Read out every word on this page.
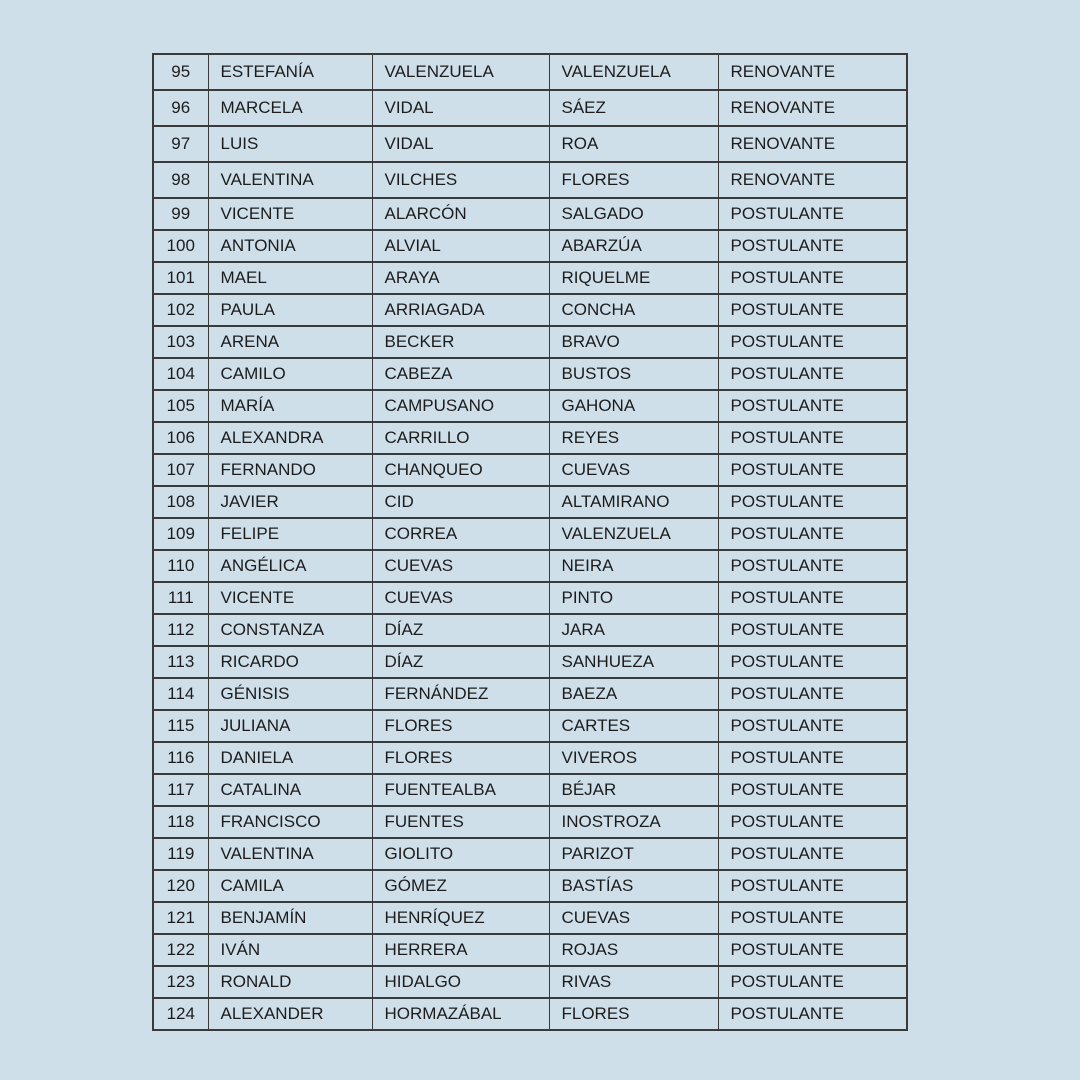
95	ESTEFANÍA	VALENZUELA	VALENZUELA	RENOVANTE
96	MARCELA	VIDAL	SÁEZ	RENOVANTE
97	LUIS	VIDAL	ROA	RENOVANTE
98	VALENTINA	VILCHES	FLORES	RENOVANTE
99	VICENTE	ALARCÓN	SALGADO	POSTULANTE
100	ANTONIA	ALVIAL	ABARZÚA	POSTULANTE
101	MAEL	ARAYA	RIQUELME	POSTULANTE
102	PAULA	ARRIAGADA	CONCHA	POSTULANTE
103	ARENA	BECKER	BRAVO	POSTULANTE
104	CAMILO	CABEZA	BUSTOS	POSTULANTE
105	MARÍA	CAMPUSANO	GAHONA	POSTULANTE
106	ALEXANDRA	CARRILLO	REYES	POSTULANTE
107	FERNANDO	CHANQUEO	CUEVAS	POSTULANTE
108	JAVIER	CID	ALTAMIRANO	POSTULANTE
109	FELIPE	CORREA	VALENZUELA	POSTULANTE
110	ANGÉLICA	CUEVAS	NEIRA	POSTULANTE
111	VICENTE	CUEVAS	PINTO	POSTULANTE
112	CONSTANZA	DÍAZ	JARA	POSTULANTE
113	RICARDO	DÍAZ	SANHUEZA	POSTULANTE
114	GÉNISIS	FERNÁNDEZ	BAEZA	POSTULANTE
115	JULIANA	FLORES	CARTES	POSTULANTE
116	DANIELA	FLORES	VIVEROS	POSTULANTE
117	CATALINA	FUENTEALBA	BÉJAR	POSTULANTE
118	FRANCISCO	FUENTES	INOSTROZA	POSTULANTE
119	VALENTINA	GIOLITO	PARIZOT	POSTULANTE
120	CAMILA	GÓMEZ	BASTÍAS	POSTULANTE
121	BENJAMÍN	HENRÍQUEZ	CUEVAS	POSTULANTE
122	IVÁN	HERRERA	ROJAS	POSTULANTE
123	RONALD	HIDALGO	RIVAS	POSTULANTE
124	ALEXANDER	HORMAZÁBAL	FLORES	POSTULANTE
